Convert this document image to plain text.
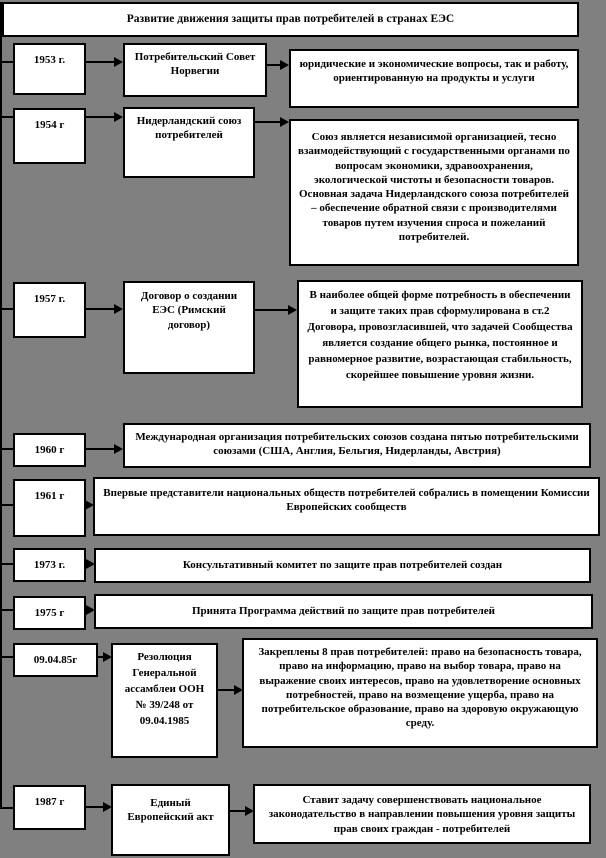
Развитие движения защиты прав потребителей в странах ЕЭС
1953 г.	Потребительский Совет Норвегии
юридические и экономические вопросы, так и работу, ориентированную на продукты и услуги
1954 г	Нидерландский союз потребителей	Союз является независимой организацией, тесно взаимодействующий с государственными органами по вопросам экономики, здравоохранения, экологической чистоты и безопасности товаров. Основная задача Нидерландского союза потребителей – обеспечение обратной связи с производителями товаров путем изучения спроса и пожеланий потребителей.
1957 г.	Договор о создании ЕЭС (Римский договор)
В наиболее общей форме потребность в обеспечении и защите таких прав сформулирована в ст.2 Договора, провозгласившей, что задачей Сообщества является создание общего рынка, постоянное и равномерное развитие, возрастающая стабильность, скорейшее повышение уровня жизни.
1960 г
Международная организация потребительских союзов создана пятью потребительскими союзами (США, Англия, Бельгия, Нидерланды, Австрия)
1961 г	Впервые представители национальных обществ потребителей собрались в помещении Комиссии Европейских сообществ
1973 г.	Консультативный комитет по защите прав потребителей создан
1975 г	Принята Программа действий по защите прав потребителей
09.04.85г	Резолюция Генеральной ассамблеи ООН № 39/248 от 09.04.1985
Закреплены 8 прав потребителей: право на безопасность товара, право на информацию, право на выбор товара, право на выражение своих интересов, право на удовлетворение основных потребностей, право на возмещение ущерба, право на потребительское образование, право на здоровую окружающую среду.
1987 г	Единый Европейский акт
Ставит задачу совершенствовать национальное законодательство в направлении повышения уровня защиты прав своих граждан - потребителей
